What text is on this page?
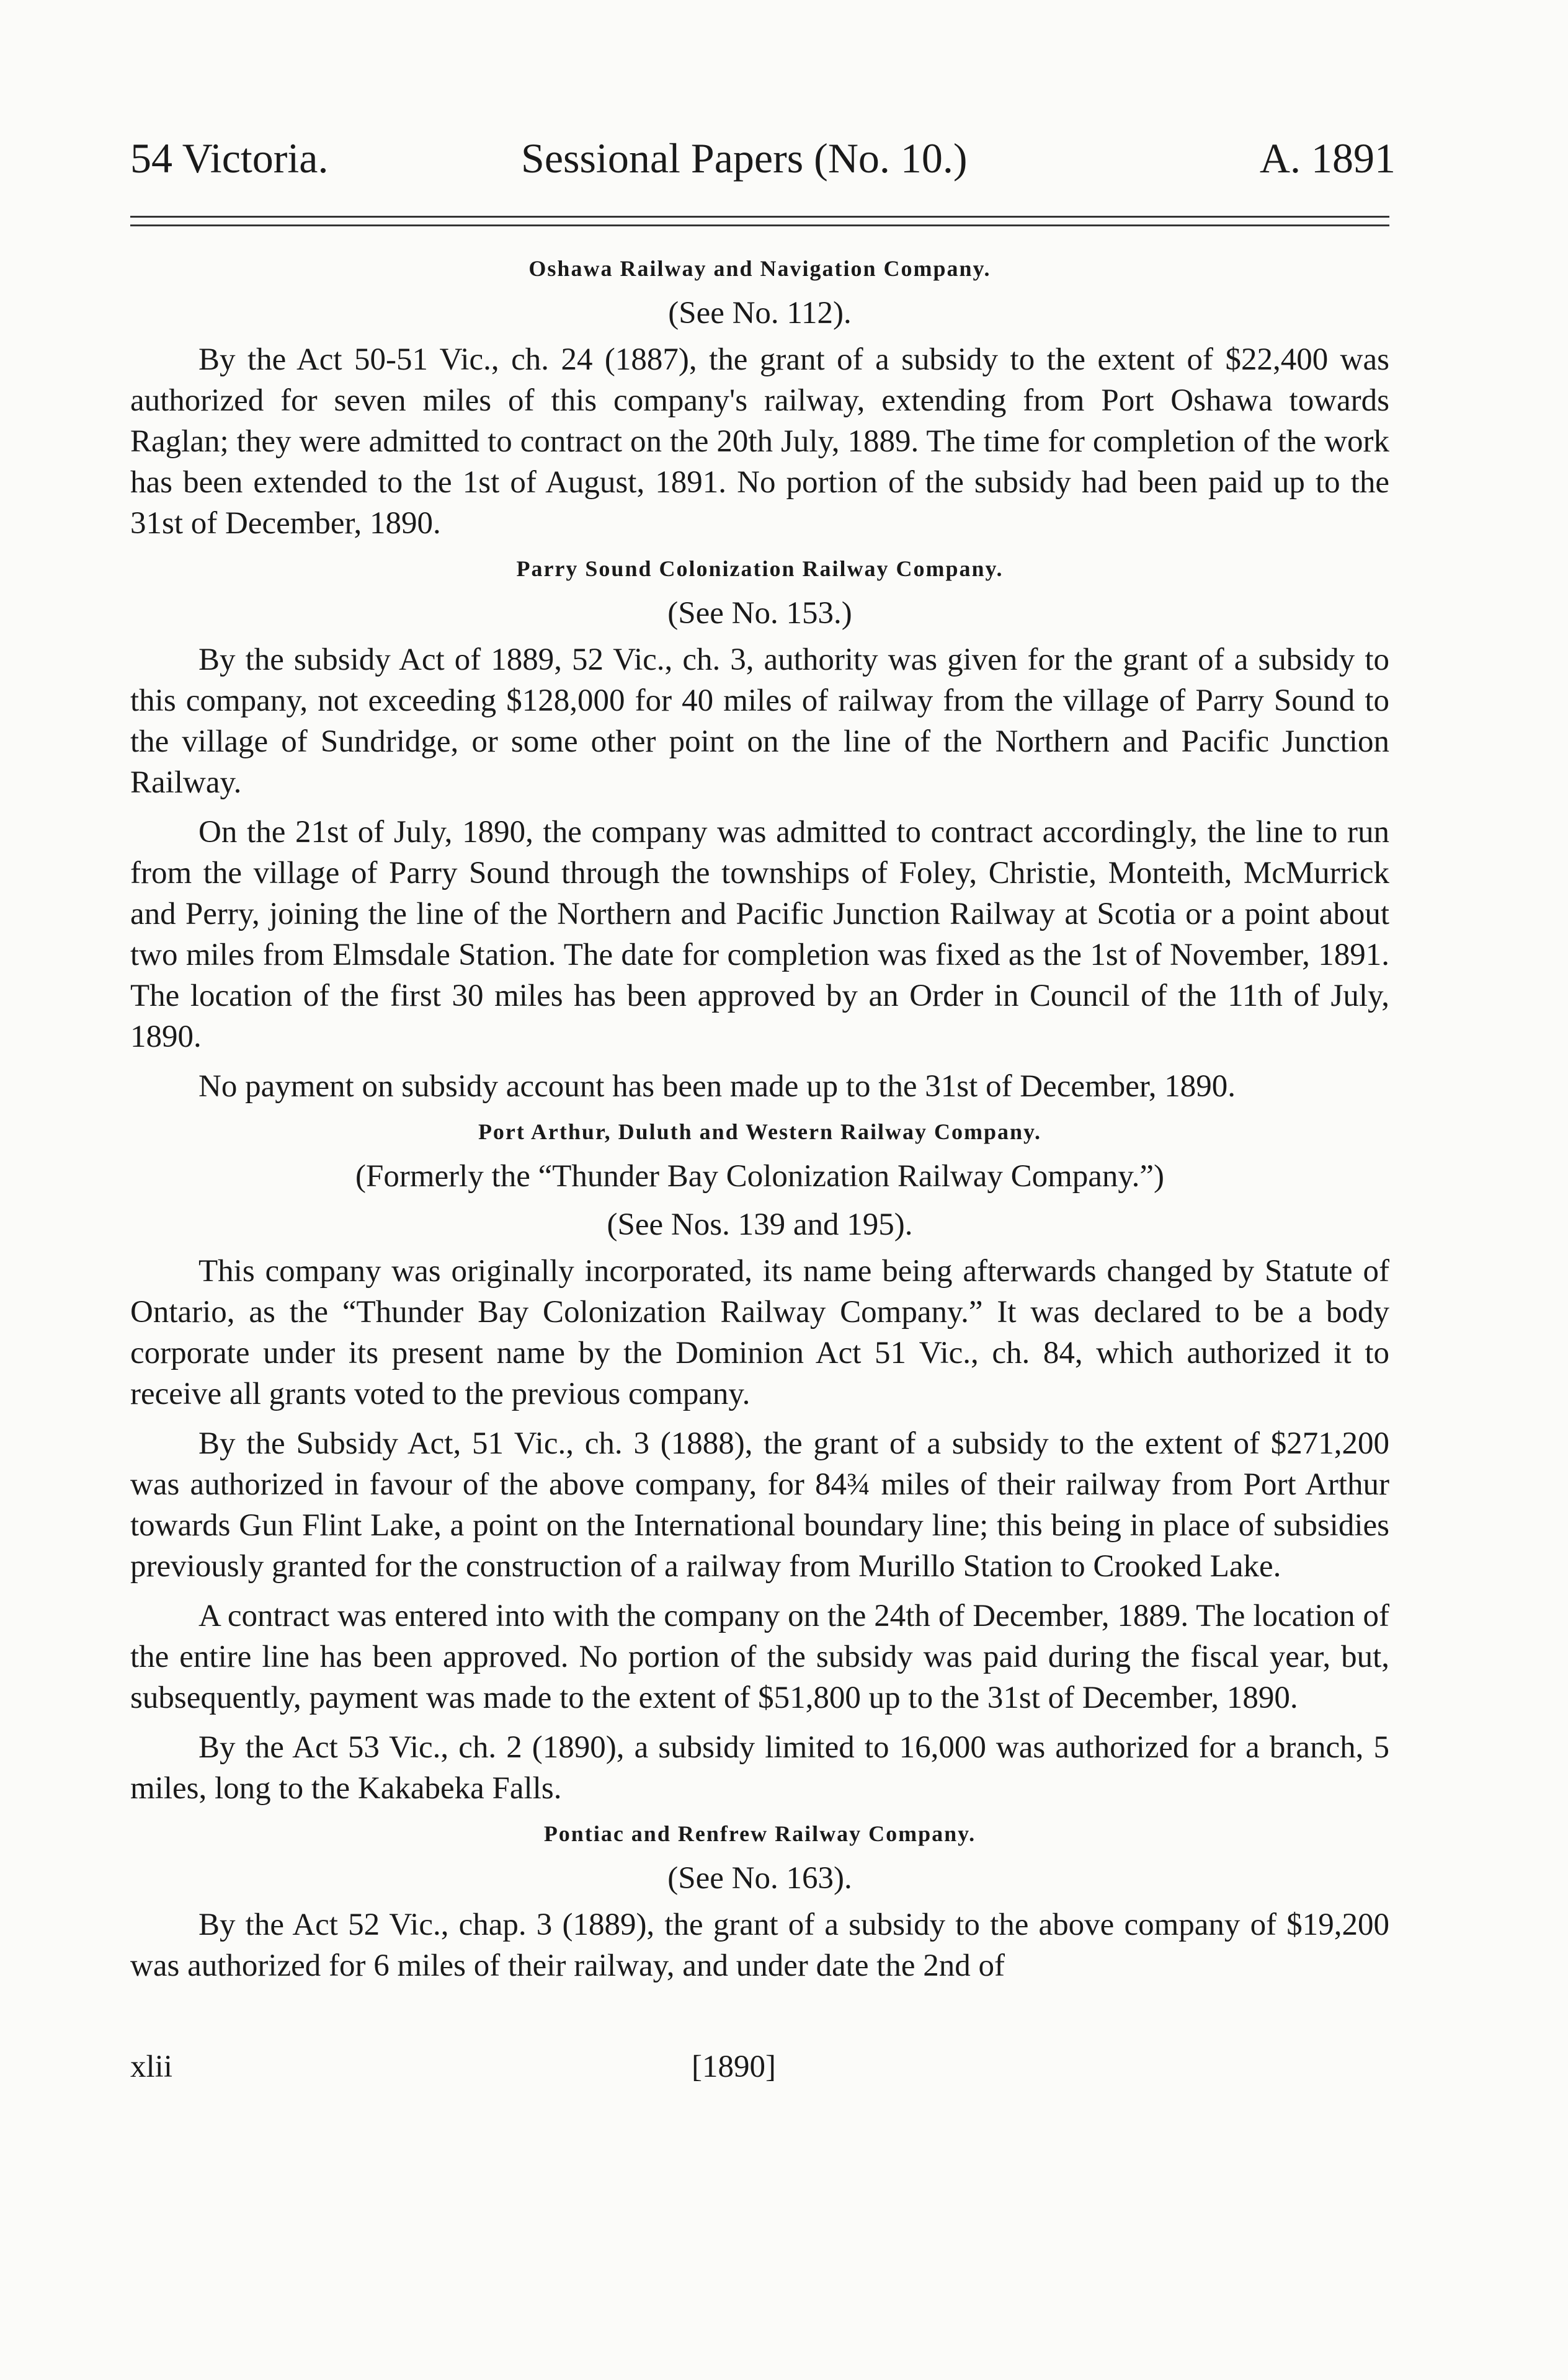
54 Victoria.	Sessional Papers (No. 10.)	A. 1891
Oshawa Railway and Navigation Company.
(See No. 112).

By the Act 50-51 Vic., ch. 24 (1887), the grant of a subsidy to the extent of $22,400 was authorized for seven miles of this company's railway, extending from Port Oshawa towards Raglan; they were admitted to contract on the 20th July, 1889. The time for completion of the work has been extended to the 1st of August, 1891. No portion of the subsidy had been paid up to the 31st of December, 1890.

Parry Sound Colonization Railway Company.
(See No. 153.)

By the subsidy Act of 1889, 52 Vic., ch. 3, authority was given for the grant of a subsidy to this company, not exceeding $128,000 for 40 miles of railway from the village of Parry Sound to the village of Sundridge, or some other point on the line of the Northern and Pacific Junction Railway.

On the 21st of July, 1890, the company was admitted to contract accordingly, the line to run from the village of Parry Sound through the townships of Foley, Christie, Monteith, McMurrick and Perry, joining the line of the Northern and Pacific Junction Railway at Scotia or a point about two miles from Elmsdale Station. The date for completion was fixed as the 1st of November, 1891. The location of the first 30 miles has been approved by an Order in Council of the 11th of July, 1890.

No payment on subsidy account has been made up to the 31st of December, 1890.

Port Arthur, Duluth and Western Railway Company.
(Formerly the “Thunder Bay Colonization Railway Company.”)
(See Nos. 139 and 195).

This company was originally incorporated, its name being afterwards changed by Statute of Ontario, as the “Thunder Bay Colonization Railway Company.” It was declared to be a body corporate under its present name by the Dominion Act 51 Vic., ch. 84, which authorized it to receive all grants voted to the previous company.

By the Subsidy Act, 51 Vic., ch. 3 (1888), the grant of a subsidy to the extent of $271,200 was authorized in favour of the above company, for 84¾ miles of their railway from Port Arthur towards Gun Flint Lake, a point on the International boundary line; this being in place of subsidies previously granted for the construction of a railway from Murillo Station to Crooked Lake.

A contract was entered into with the company on the 24th of December, 1889. The location of the entire line has been approved. No portion of the subsidy was paid during the fiscal year, but, subsequently, payment was made to the extent of $51,800 up to the 31st of December, 1890.

By the Act 53 Vic., ch. 2 (1890), a subsidy limited to 16,000 was authorized for a branch, 5 miles, long to the Kakabeka Falls.

Pontiac and Renfrew Railway Company.
(See No. 163).

By the Act 52 Vic., chap. 3 (1889), the grant of a subsidy to the above company of $19,200 was authorized for 6 miles of their railway, and under date the 2nd of

xlii	[1890]
